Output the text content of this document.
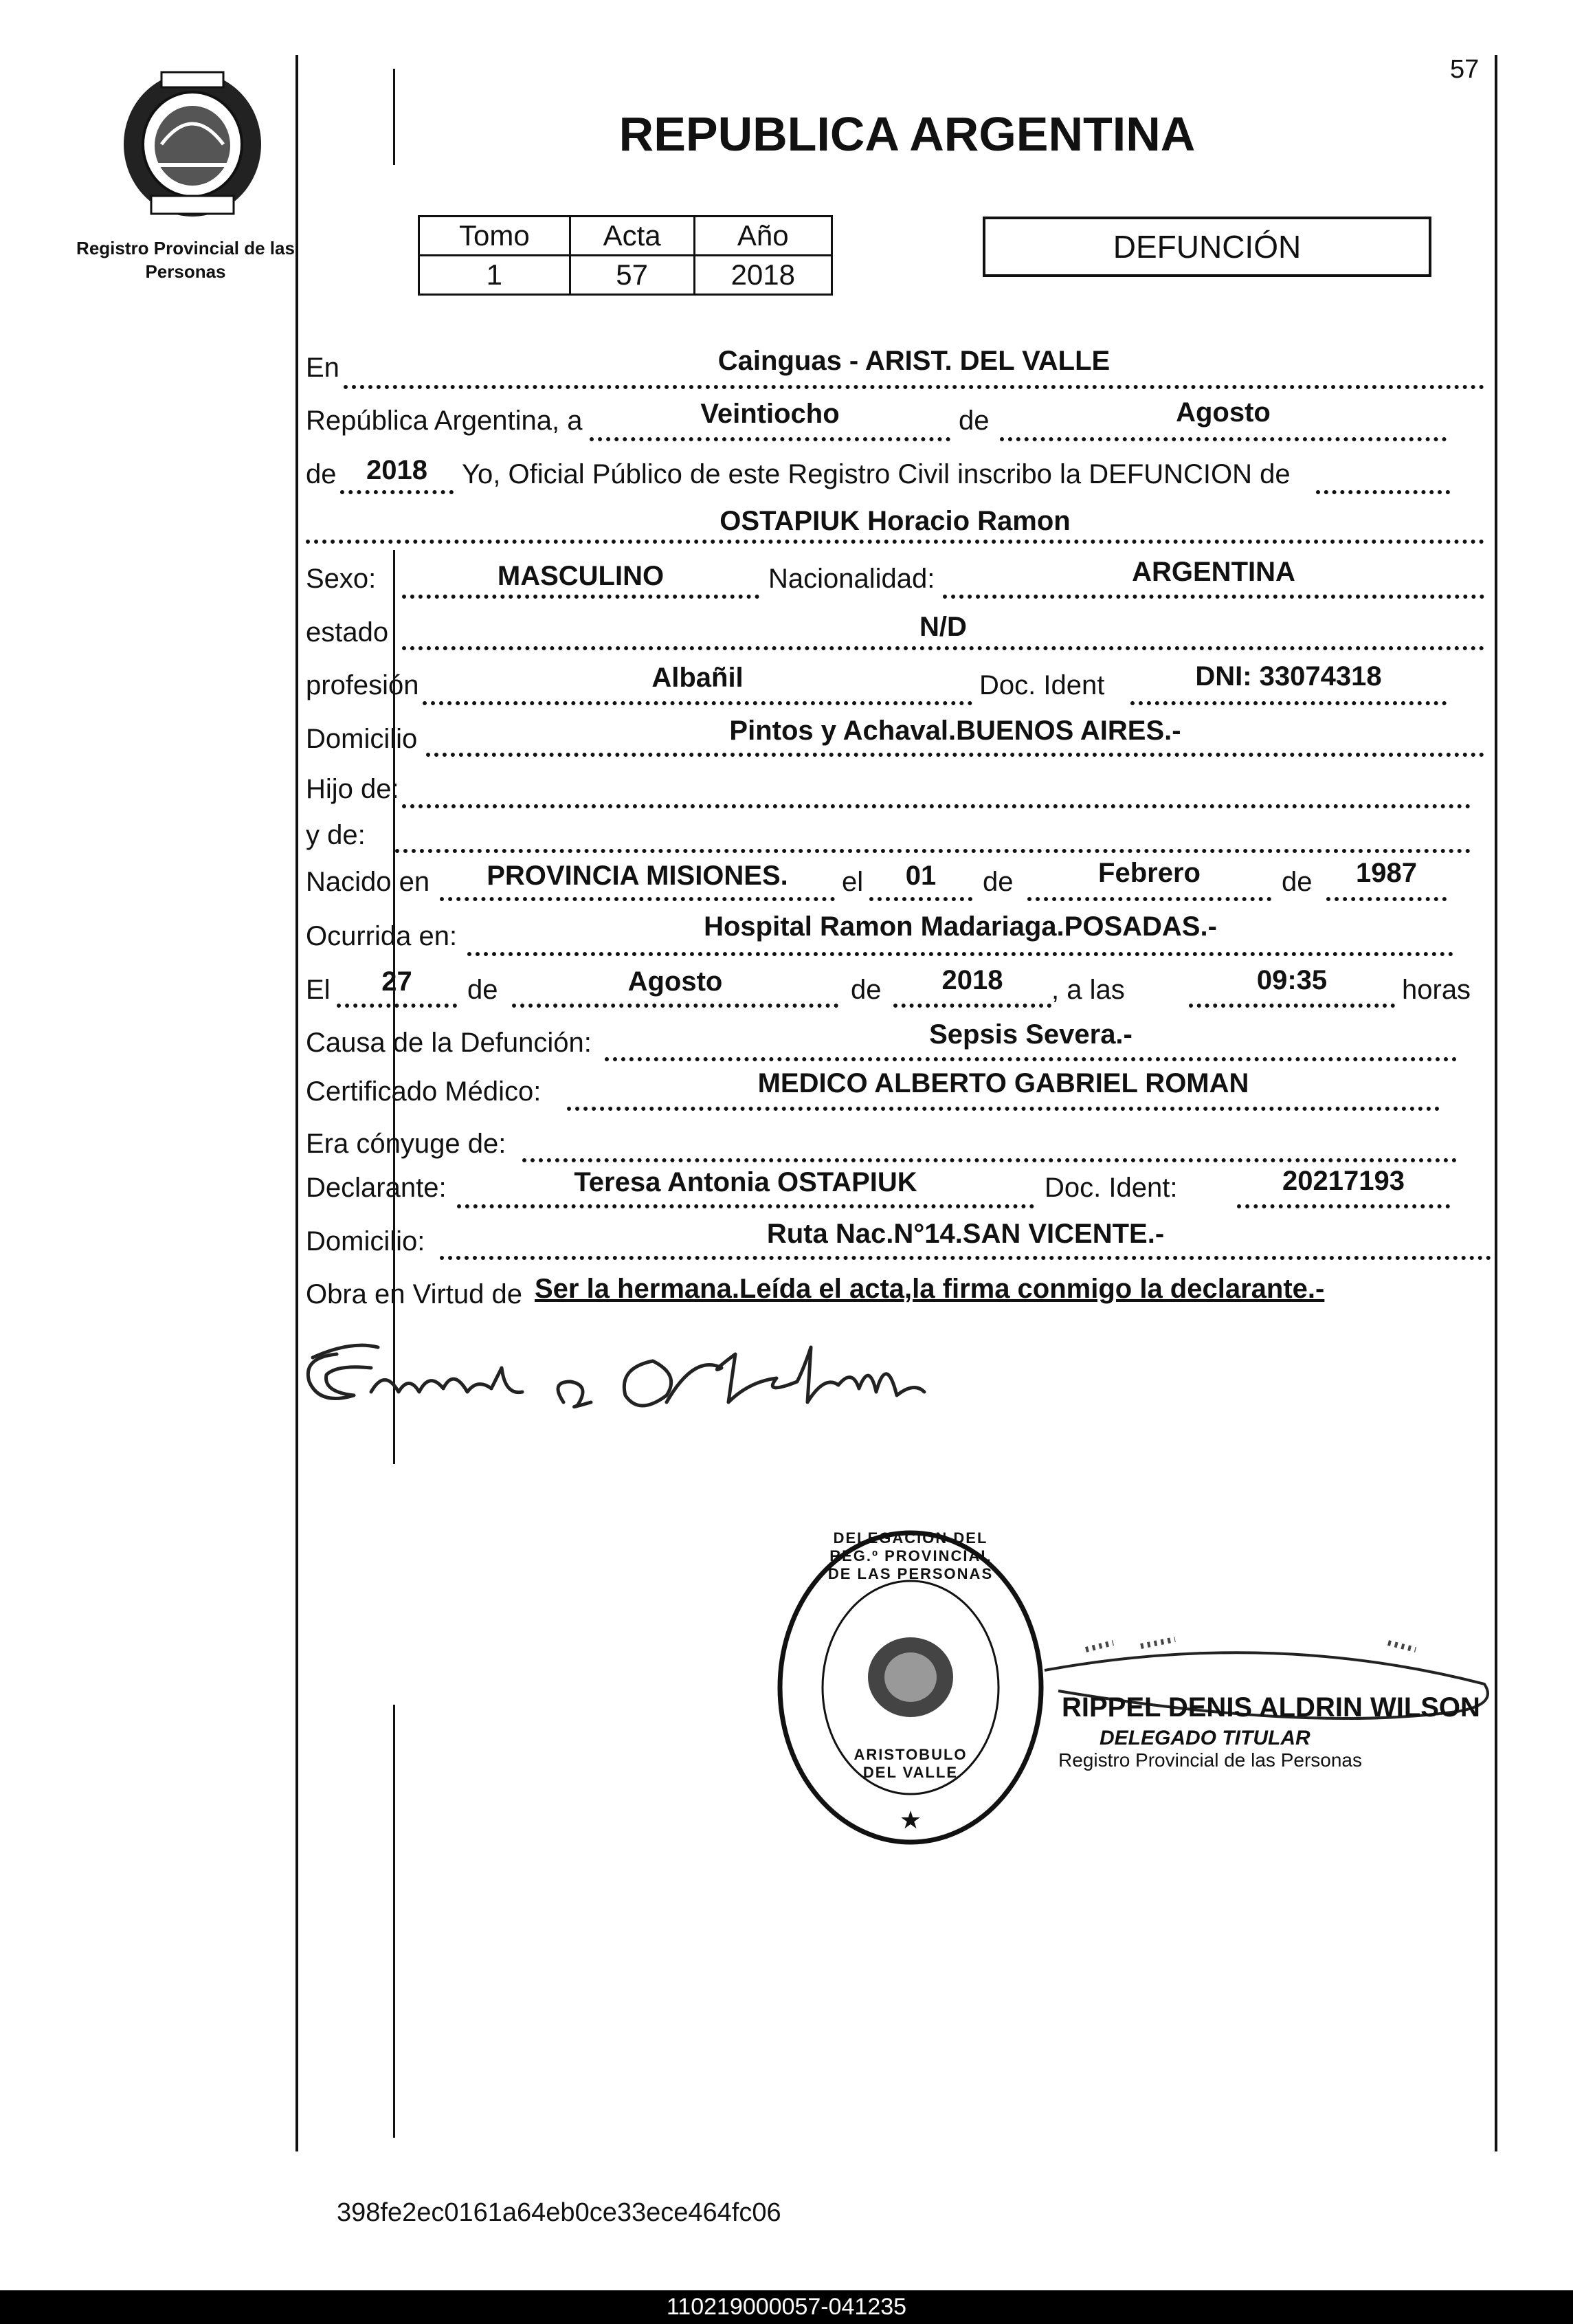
Registro Provincial de las Personas
57
REPUBLICA ARGENTINA
Tomo	Acta	Año
1	57	2018
DEFUNCIÓN
En	Cainguas - ARIST. DEL VALLE
República Argentina, a	Veintiocho	de	Agosto
de	2018	Yo, Oficial Público de este Registro Civil inscribo la DEFUNCION de
OSTAPIUK Horacio Ramon
Sexo:	MASCULINO	Nacionalidad:	ARGENTINA
estado	N/D
profesión	Albañil	Doc. Ident	DNI: 33074318
Domicilio	Pintos y Achaval.BUENOS AIRES.-
Hijo de:
y de:
Nacido en	PROVINCIA MISIONES.	el	01	de	Febrero	de	1987
Ocurrida en:	Hospital Ramon Madariaga.POSADAS.-
El	27	de	Agosto	de	2018	, a las	09:35	horas
Causa de la Defunción:	Sepsis Severa.-
Certificado Médico:	MEDICO ALBERTO GABRIEL ROMAN
Era cónyuge de:
Declarante:	Teresa Antonia OSTAPIUK	Doc. Ident:	20217193
Domicilio:	Ruta Nac.N°14.SAN VICENTE.-
Obra en Virtud de Ser la hermana.Leída el acta,la firma conmigo la declarante.-
★
DELEGACION DEL REG.º PROVINCIAL DE LAS PERSONAS
ARISTOBULO DEL VALLE
RIPPEL DENIS ALDRIN WILSON
DELEGADO TITULAR
Registro Provincial de las Personas
398fe2ec0161a64eb0ce33ece464fc06
110219000057-041235
